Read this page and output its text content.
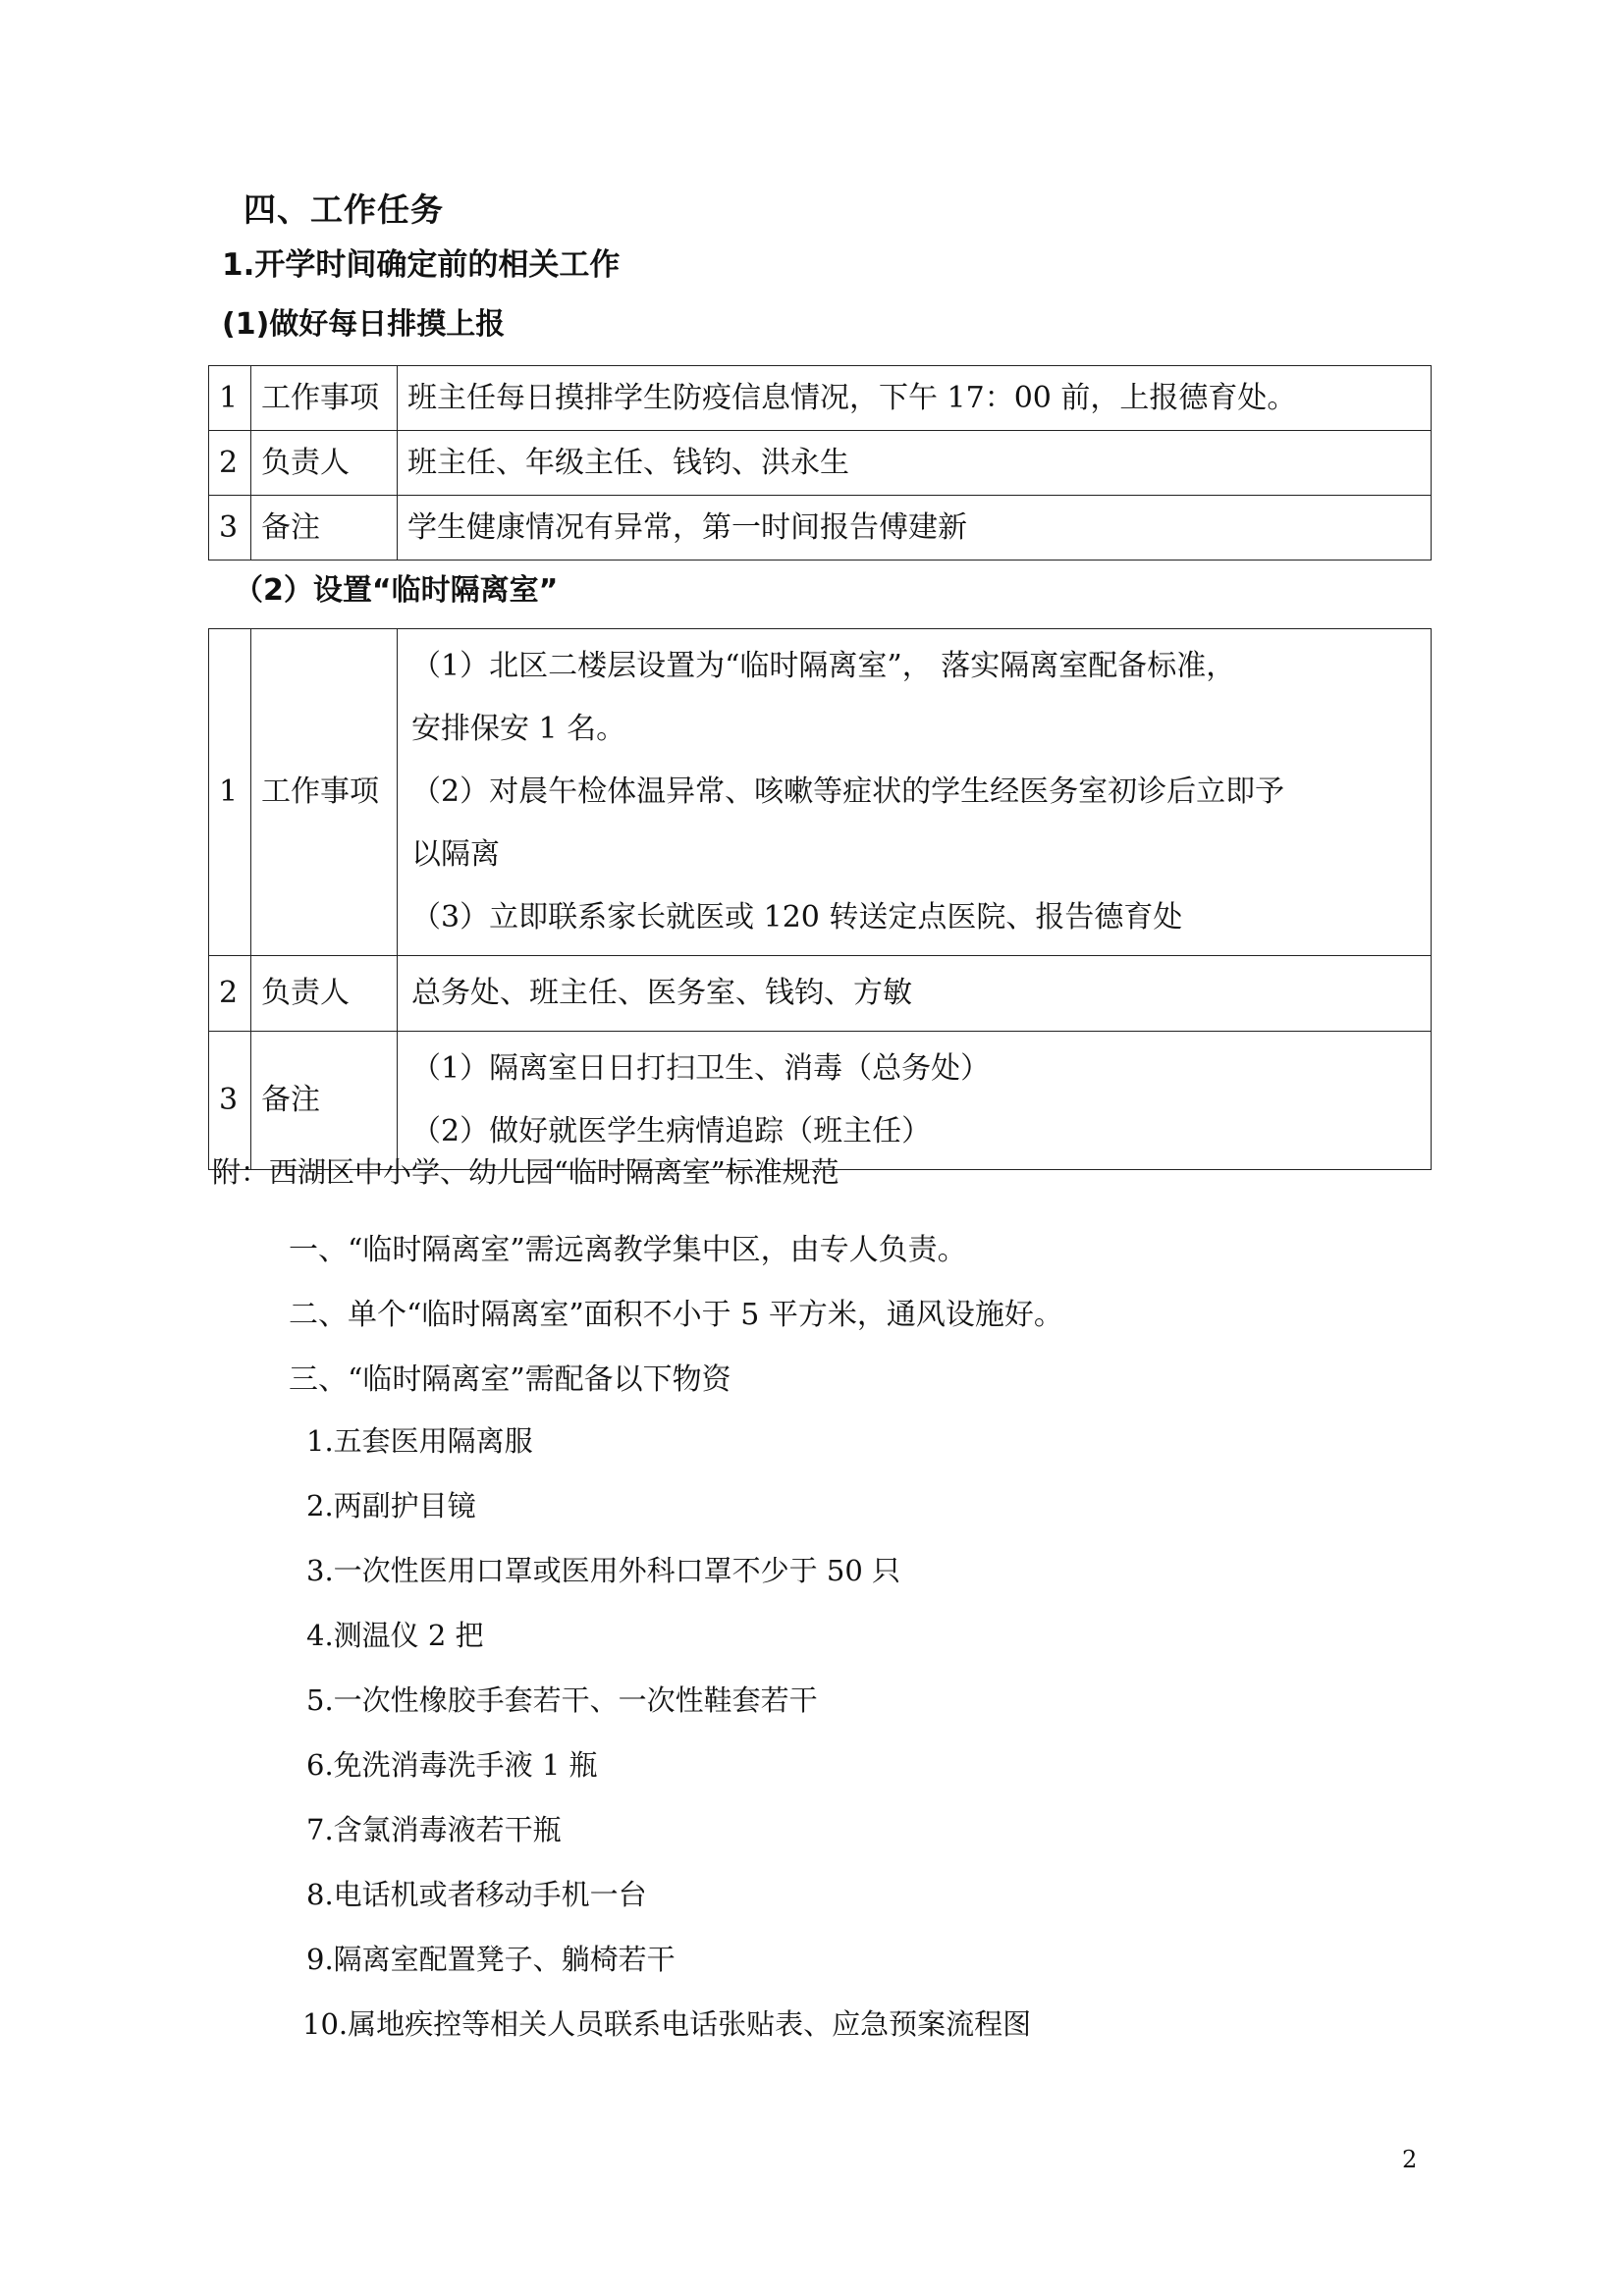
四、工作任务
1.开学时间确定前的相关工作
(1)做好每日排摸上报
1	工作事项	班主任每日摸排学生防疫信息情况，下午 17：00 前，上报德育处。
2	负责人	班主任、年级主任、钱钧、洪永生
3	备注	学生健康情况有异常，第一时间报告傅建新
（2）设置“临时隔离室”
1	工作事项	（1）北区二楼层设置为“临时隔离室”， 落实隔离室配备标准，
安排保安 1 名。
（2）对晨午检体温异常、咳嗽等症状的学生经医务室初诊后立即予
以隔离
（3）立即联系家长就医或 120 转送定点医院、报告德育处

2	负责人	总务处、班主任、医务室、钱钧、方敏

3	备注	（1）隔离室日日打扫卫生、消毒（总务处）
（2）做好就医学生病情追踪（班主任）
附：西湖区中小学、幼儿园“临时隔离室”标准规范
一、“临时隔离室”需远离教学集中区，由专人负责。
二、单个“临时隔离室”面积不小于 5 平方米，通风设施好。
三、“临时隔离室”需配备以下物资
1.五套医用隔离服
2.两副护目镜
3.一次性医用口罩或医用外科口罩不少于 50 只
4.测温仪 2 把
5.一次性橡胶手套若干、一次性鞋套若干
6.免洗消毒洗手液 1 瓶
7.含氯消毒液若干瓶
8.电话机或者移动手机一台
9.隔离室配置凳子、躺椅若干
10.属地疾控等相关人员联系电话张贴表、应急预案流程图
2
